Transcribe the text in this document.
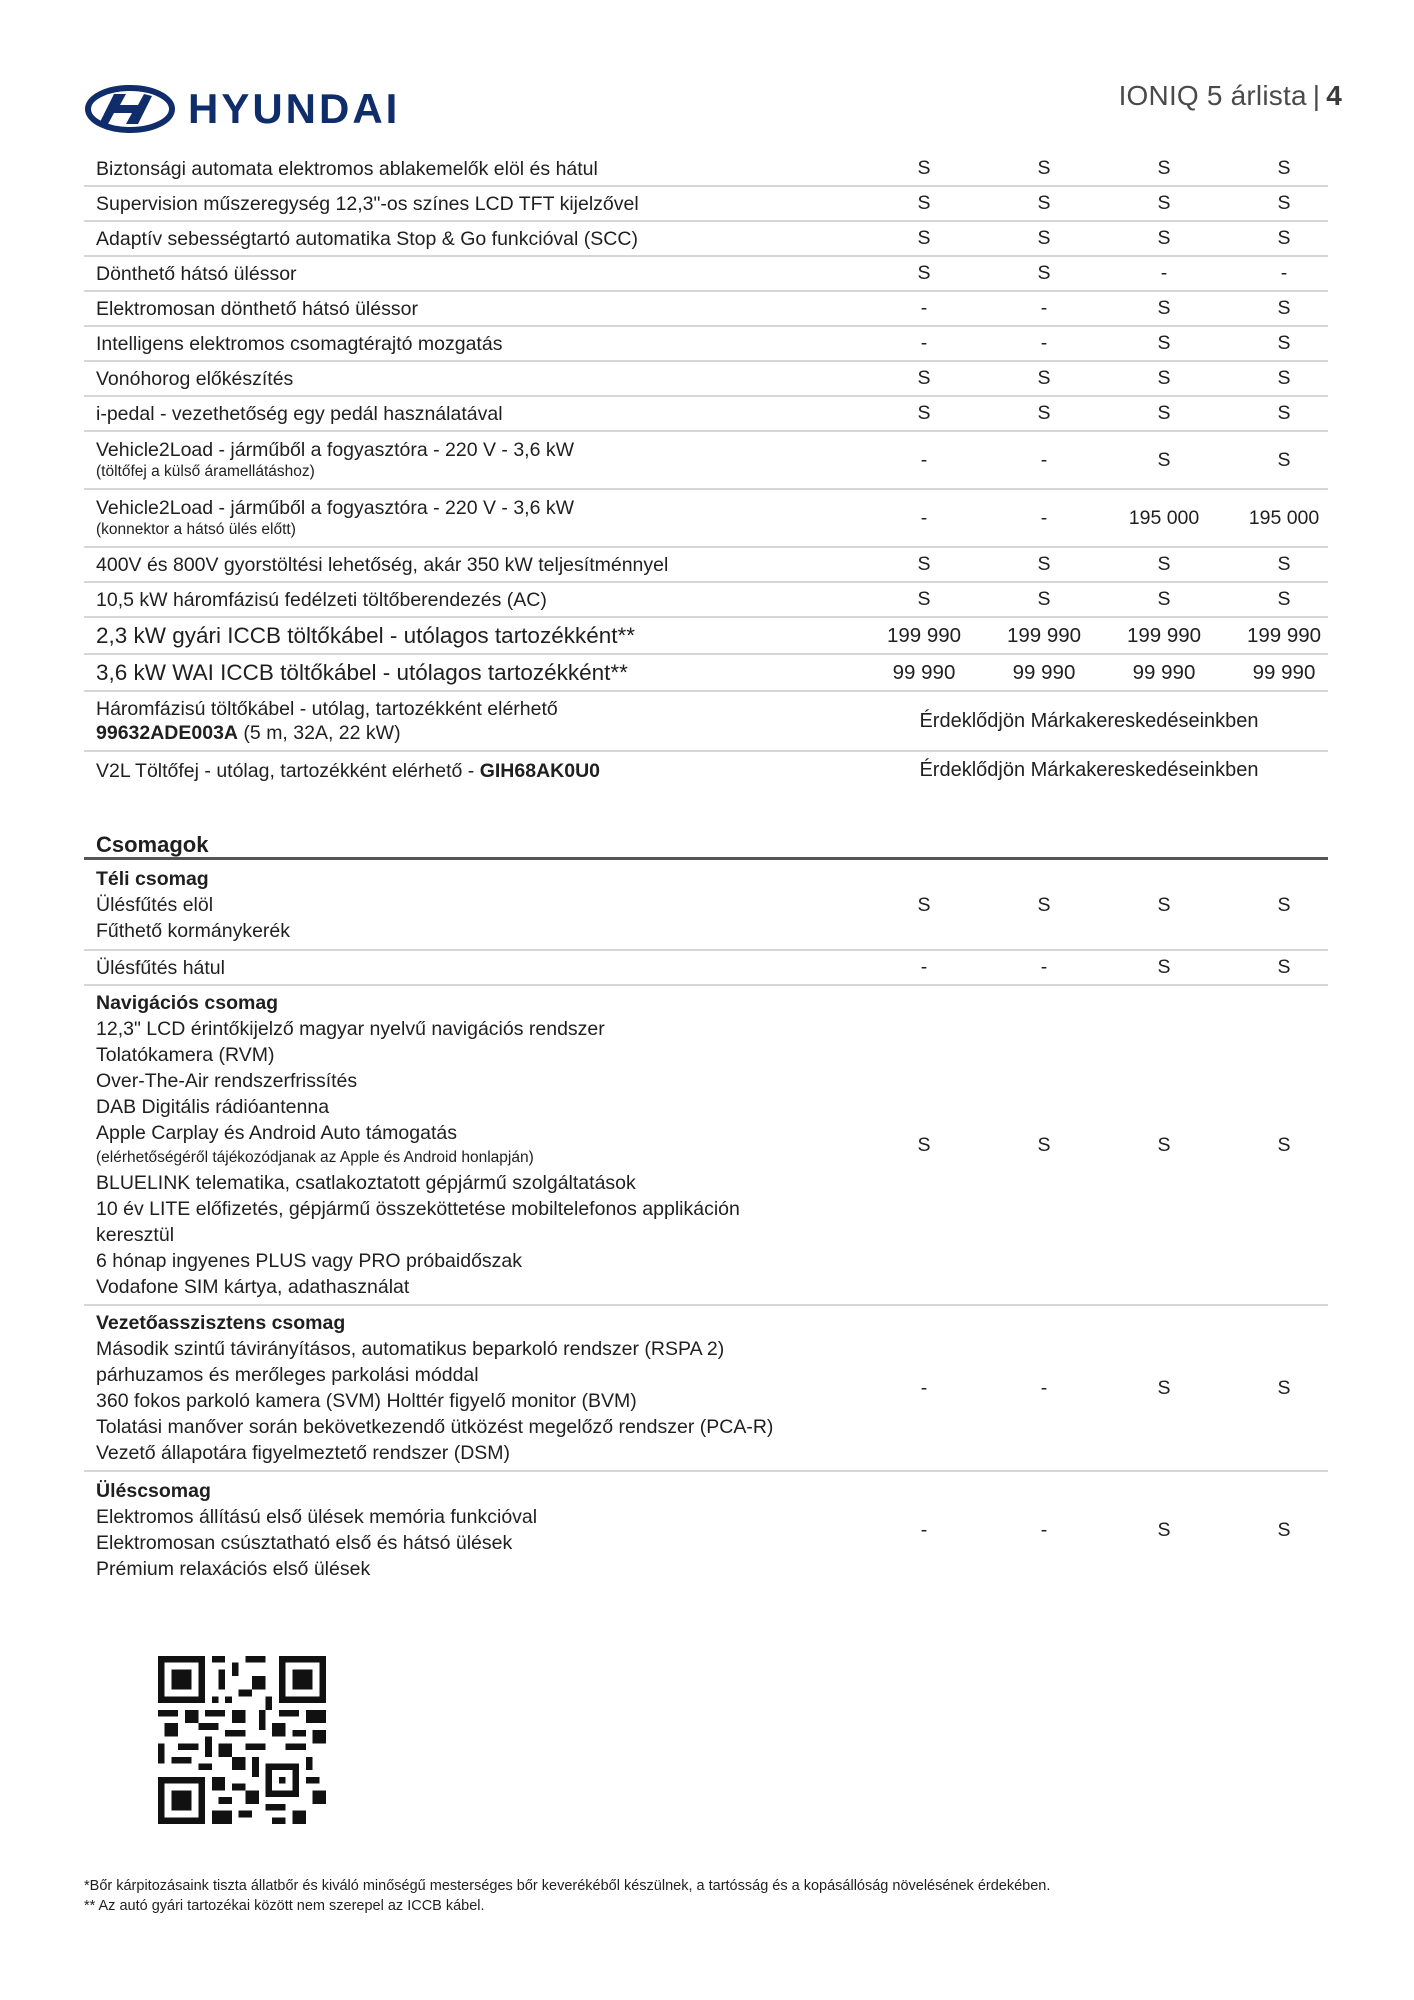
HYUNDAI	IONIQ 5 árlista | 4
Biztonsági automata elektromos ablakemelők elöl és hátul	S	S	S	S
Supervision műszeregység 12,3"-os színes LCD TFT kijelzővel	S	S	S	S
Adaptív sebességtartó automatika Stop & Go funkcióval (SCC)	S	S	S	S
Dönthető hátsó üléssor	S	S	-	-
Elektromosan dönthető hátsó üléssor	-	-	S	S
Intelligens elektromos csomagtérajtó mozgatás	-	-	S	S
Vonóhorog előkészítés	S	S	S	S
i-pedal - vezethetőség egy pedál használatával	S	S	S	S
Vehicle2Load - járműből a fogyasztóra - 220 V - 3,6 kW
(töltőfej a külső áramellátáshoz)
-	-	S	S
Vehicle2Load - járműből a fogyasztóra - 220 V - 3,6 kW
(konnektor a hátsó ülés előtt)
-	-	195 000	195 000
400V és 800V gyorstöltési lehetőség, akár 350 kW teljesítménnyel	S	S	S	S
10,5 kW háromfázisú fedélzeti töltőberendezés (AC)	S	S	S	S
2,3 kW gyári ICCB töltőkábel - utólagos tartozékként**	199 990	199 990	199 990	199 990
3,6 kW WAI ICCB töltőkábel - utólagos tartozékként**	99 990	99 990	99 990	99 990
Háromfázisú töltőkábel - utólag, tartozékként elérhető
99632ADE003A (5 m, 32A, 22 kW)
Érdeklődjön Márkakereskedéseinkben
V2L Töltőfej - utólag, tartozékként elérhető - GIH68AK0U0	Érdeklődjön Márkakereskedéseinkben
Csomagok
Téli csomag
Ülésfűtés elöl
Fűthető kormánykerék
S	S	S	S
Ülésfűtés hátul	-	-	S	S
Navigációs csomag
12,3" LCD érintőkijelző magyar nyelvű navigációs rendszer
Tolatókamera (RVM)
Over-The-Air rendszerfrissítés
DAB Digitális rádióantenna
Apple Carplay és Android Auto támogatás
(elérhetőségéről tájékozódjanak az Apple és Android honlapján)
BLUELINK telematika, csatlakoztatott gépjármű szolgáltatások
10 év LITE előfizetés, gépjármű összeköttetése mobiltelefonos applikáción
keresztül
6 hónap ingyenes PLUS vagy PRO próbaidőszak
Vodafone SIM kártya, adathasználat
S	S	S	S
Vezetőasszisztens csomag
Második szintű távirányításos, automatikus beparkoló rendszer (RSPA 2)
párhuzamos és merőleges parkolási móddal
360 fokos parkoló kamera (SVM) Holttér figyelő monitor (BVM)
Tolatási manőver során bekövetkezendő ütközést megelőző rendszer (PCA-R)
Vezető állapotára figyelmeztető rendszer (DSM)
-	-	S	S
Üléscsomag
Elektromos állítású első ülések memória funkcióval
Elektromosan csúsztatható első és hátsó ülések
Prémium relaxációs első ülések
-	-	S	S
*Bőr kárpitozásaink tiszta állatbőr és kiváló minőségű mesterséges bőr keverékéből készülnek, a tartósság és a kopásállóság növelésének érdekében.
** Az autó gyári tartozékai között nem szerepel az ICCB kábel.
